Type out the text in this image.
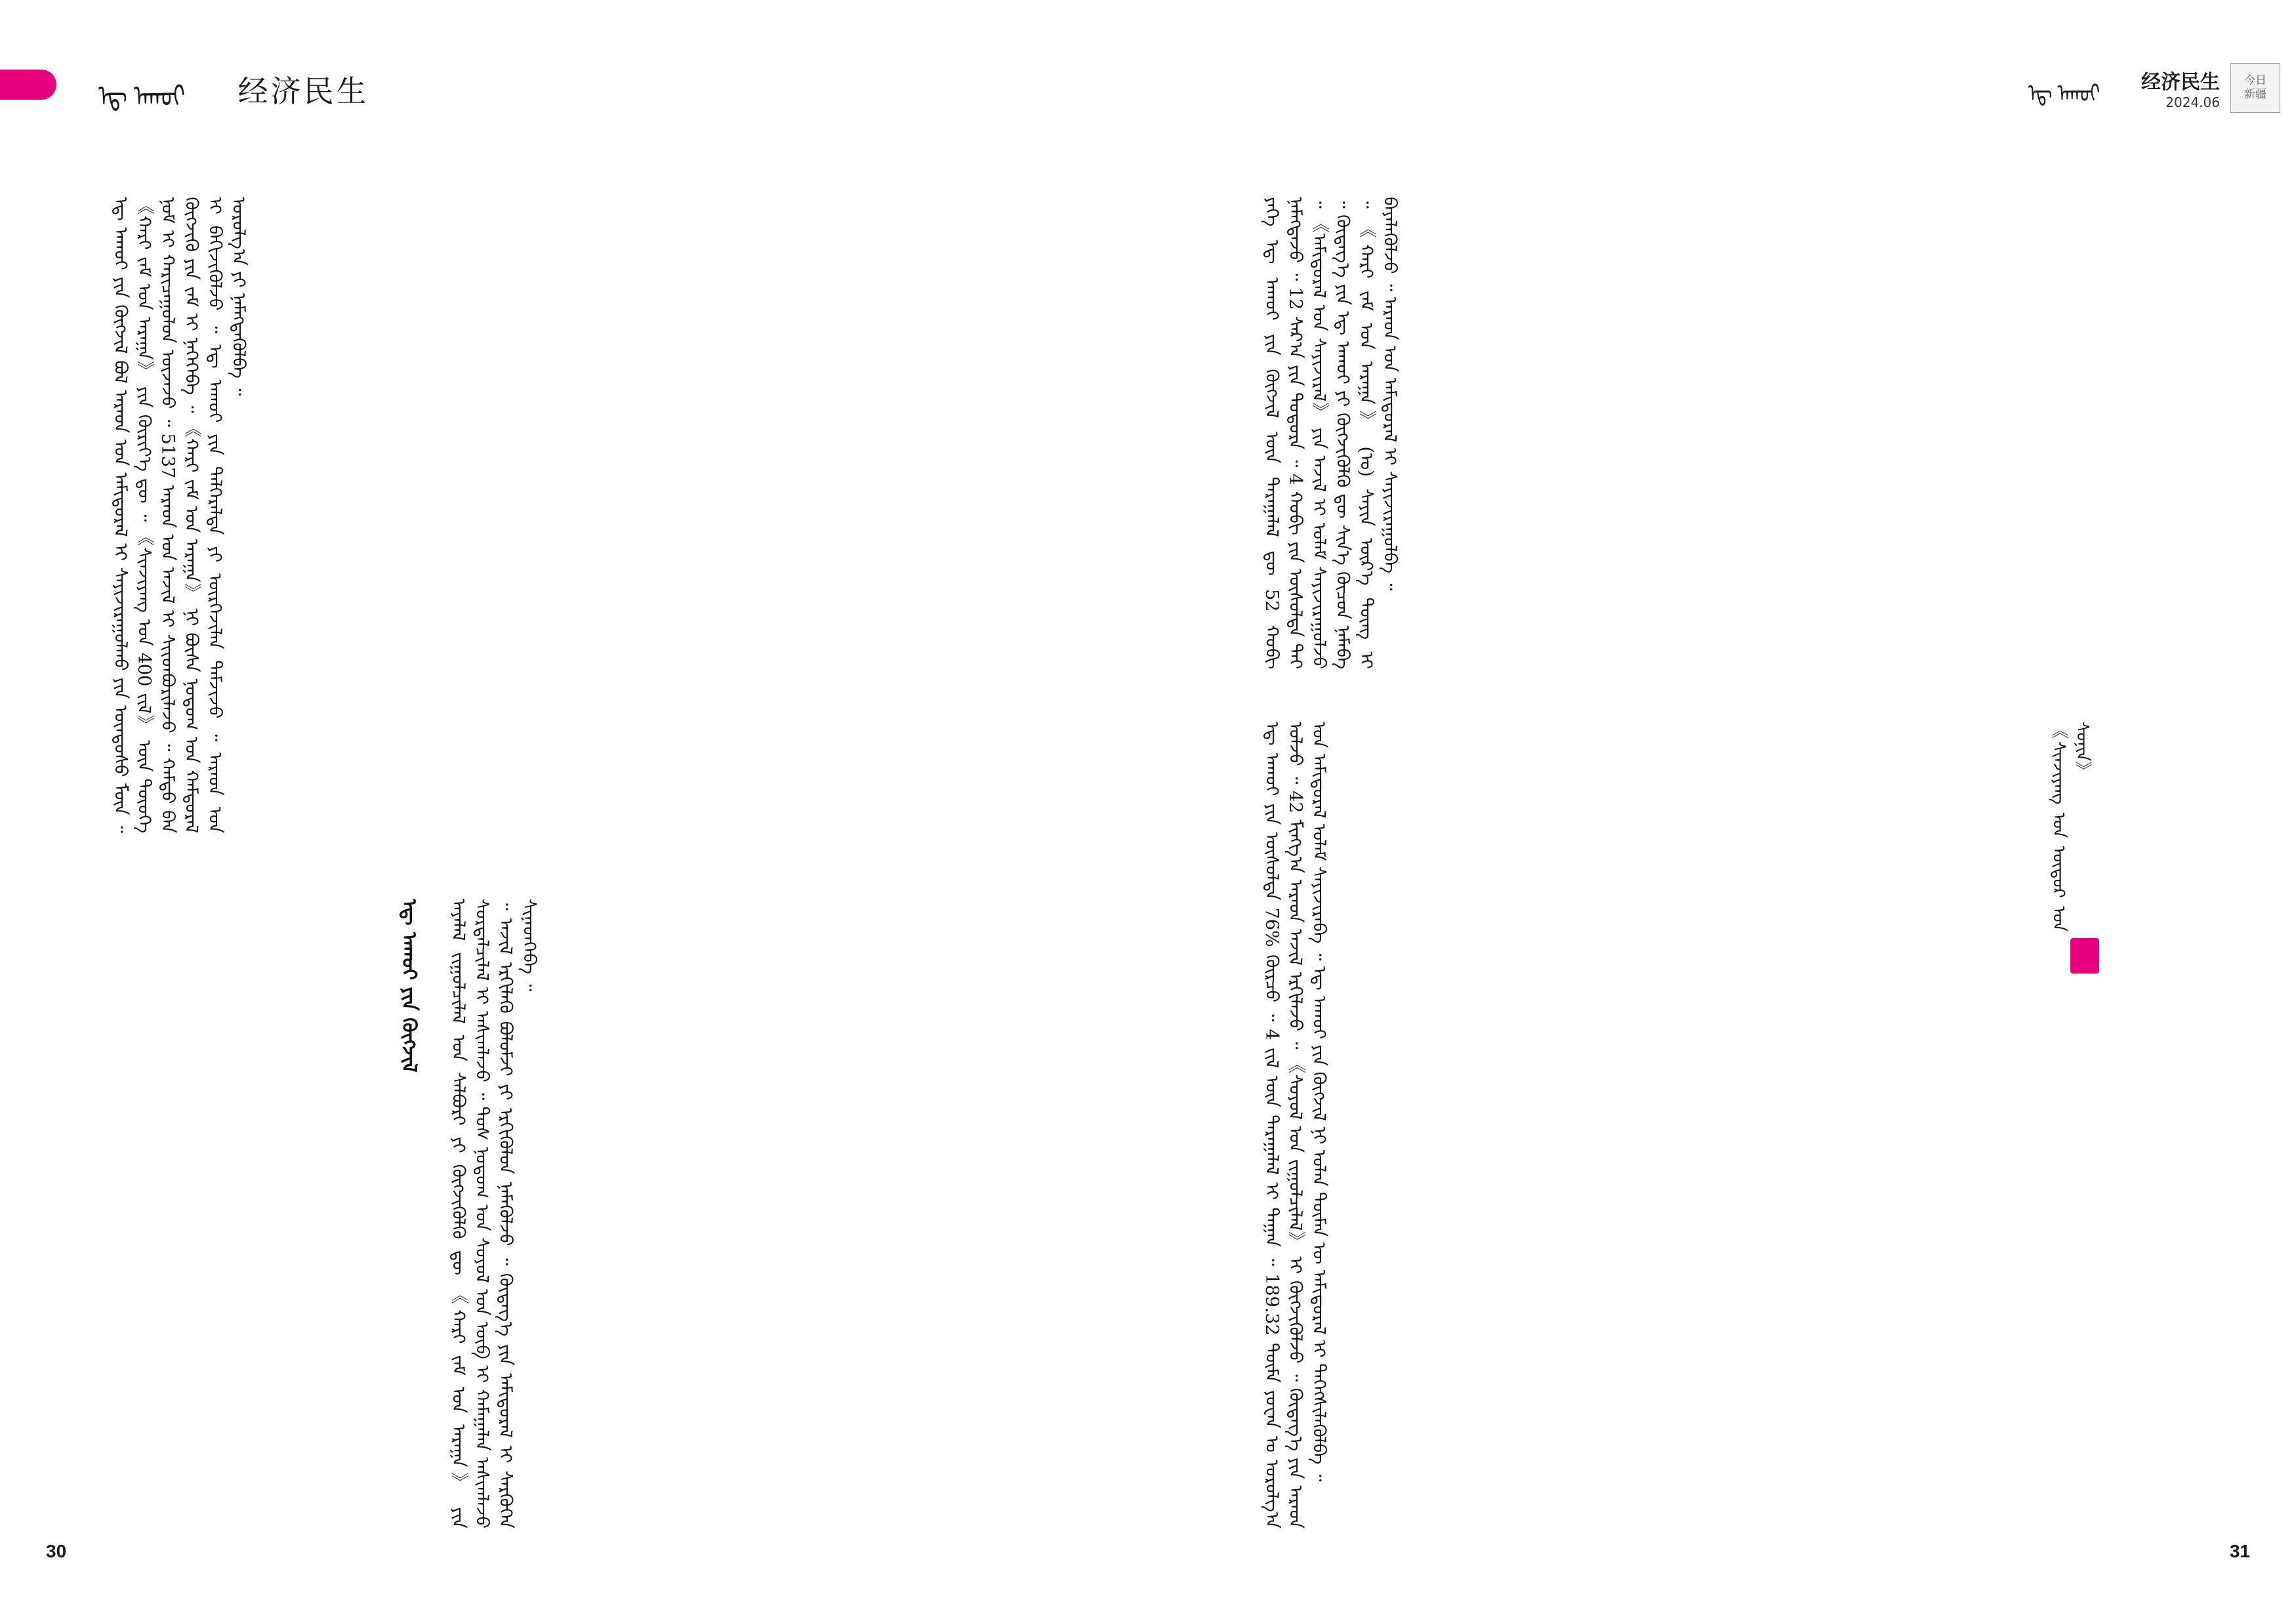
ᠡᠳ᠋ ᠠᠬᠤᠢ 经济民生	ᠡᠳ᠋ ᠠᠬᠤᠢ 经济民生
2024.06
今日
新疆

ᠡᠳ᠋ ᠠᠬᠤᠢ ᠶᠢᠨ ᠬᠥᠭᠵᠢᠯ ᠪᠤᠯ ᠠᠷᠠᠳ ᠤᠨ ᠠᠮᠢᠳᠤᠷᠠᠯ ᠢ ᠰᠠᠶᠢᠵᠢᠷᠠᠭᠤᠯᠬᠤ ᠶᠢᠨ ᠦᠨᠳᠦᠰᠦ ᠮᠦᠨ ᠃ 《ᠬᠠᠷᠢ ᠵᠠᠮ ᠤᠨ ᠠᠷᠠᠭᠠ》 ᠶᠢᠨ ᠬᠦᠷᠢᠶ᠎ᠡ ᠳᠦ ᠃ 《ᠰᠢᠨᠵᠢᠶᠠᠩ ᠤᠨ 400 ᠵᠢᠯ》 ᠦᠨ ᠲᠦᠦᠬᠡ ᠨᠤᠮ ᠢ ᠬᠠᠷᠢᠴᠠᠭᠤᠯᠤᠨ ᠦᠵᠡᠵᠦ ᠃ 5137 ᠠᠷᠠᠳ ᠤᠨ ᠠᠵᠢᠯ ᠢ ᠰᠢᠢᠳᠪᠦᠷᠢᠯᠡᠵᠦ ᠃ ᠬᠠᠮᠲᠤ ᠪᠠᠨ ᠬᠥᠭᠵᠢᠬᠦ ᠶᠢᠨ ᠵᠠᠮ ᠢ ᠨᠡᠭᠡᠭᠡᠪᠡ ᠃ 《ᠬᠠᠷᠢ ᠵᠠᠮ ᠤᠨ ᠠᠷᠠᠭᠠ》 ᠨᠢ ᠪᠦᠰᠡ ᠨᠤᠲᠤᠭ ᠤᠨ ᠬᠠᠮᠲᠤᠷᠠᠯ ᠢ ᠪᠡᠬᠢᠵᠢᠭᠦᠯᠵᠦ ᠃ ᠡᠳ᠋ ᠠᠬᠤᠢ ᠶᠢᠨ ᠲᠡᠯᠭᠡᠷᠡᠯᠲᠡ ᠶᠢ ᠦᠷᠭᠡᠵᠢᠯᠡᠨ ᠳᠡᠮᠵᠢᠵᠦ ᠃ ᠠᠷᠠᠳ ᠤᠨ ᠣᠷᠣᠯᠭ᠎ᠠ ᠶᠢ ᠨᠡᠮᠡᠭᠳᠡᠭᠦᠯᠪᠡ ᠃

ᠡᠳ᠋ ᠠᠬᠤᠢ ᠶᠢᠨ ᠬᠥᠭᠵᠢᠯ ᠠᠶᠠᠯᠠᠯ ᠵᠢᠭᠤᠯᠴᠢᠯᠠᠯ ᠤᠨ ᠰᠠᠯᠪᠤᠷᠢ ᠶᠢ ᠬᠥᠭᠵᠢᠭᠦᠯᠬᠦ ᠳᠦ 《ᠬᠠᠷᠢ ᠵᠠᠮ ᠤᠨ ᠠᠷᠠᠭᠠ》 ᠶᠢᠨ ᠰᠤᠷᠲᠠᠯᠴᠢᠯᠠᠯ ᠢ ᠠᠰᠢᠭᠯᠠᠵᠤ ᠃ ᠲᠣᠰ ᠨᠤᠲᠤᠭ ᠤᠨ ᠰᠣᠶᠣᠯ ᠤᠨ ᠥᠪ ᠢ ᠬᠠᠮᠠᠭᠠᠯᠠᠨ ᠠᠰᠢᠭᠯᠠᠵᠤ ᠃ ᠠᠵᠢᠯ ᠡᠷᠬᠢᠯᠡᠬᠦ ᠪᠣᠯᠤᠮᠵᠢ ᠶᠢ ᠡᠷᠭᠢᠭᠦᠯᠦᠨ ᠨᠡᠮᠡᠭᠦᠯᠵᠦ ᠃ ᠬᠥᠳᠡᠭ᠎ᠡ ᠶᠢᠨ ᠠᠮᠢᠳᠤᠷᠠᠯ ᠢ ᠰᠡᠷᠭᠦᠭᠡᠨ ᠰᠢᠨᠡᠳᠬᠡᠪᠡ ᠃

ᠶᠡᠬᠡ ᠡᠳ᠋ ᠠᠬᠤᠢ ᠶᠢᠨ ᠬᠥᠭᠵᠢᠯ ᠦᠨ ᠳᠠᠷᠠᠭᠠᠯᠠᠯ ᠳᠦ 52 ᠬᠤᠪᠢ ᠨᠡᠮᠡᠭᠳᠡᠵᠦ ᠃ 12 ᠰᠠᠷ᠎ᠠ ᠶᠢᠨ ᠳᠣᠲᠣᠷᠠ ᠃ 4 ᠬᠤᠪᠢ ᠶᠢᠨ ᠥᠰᠦᠯᠲᠡ ᠲᠠᠢ ᠃ 《ᠠᠮᠢᠳᠤᠷᠠᠯ ᠤᠨ ᠰᠠᠶᠢᠵᠢᠷᠠᠯ》 ᠶᠢᠨ ᠠᠵᠢᠯ ᠢ ᠤᠯᠠᠮ ᠰᠠᠶᠢᠵᠢᠷᠠᠭᠤᠯᠵᠤ ᠃ ᠬᠥᠳᠡᠭ᠎ᠡ ᠶᠢᠨ ᠡᠳ᠋ ᠠᠬᠤᠢ ᠶᠢ ᠬᠥᠭᠵᠢᠭᠦᠯᠬᠦ ᠳᠦ ᠰᠢᠨ᠎ᠡ ᠬᠦᠴᠦᠨ ᠨᠡᠮᠡᠪᠡ ᠃ 《ᠬᠠᠷᠢ ᠵᠠᠮ ᠤᠨ ᠠᠷᠠᠭᠠ》 (ᠤ) ᠰᠠᠶᠢᠨ ᠦᠷ᠎ᠡ ᠳᠦᠩ ᠢ ᠪᠡᠶᠡᠯᠡᠭᠦᠯᠵᠦ ᠃ ᠠᠷᠠᠳ ᠤᠨ ᠠᠮᠢᠳᠤᠷᠠᠯ ᠢ ᠰᠠᠶᠢᠵᠢᠷᠠᠭᠤᠯᠪᠠ ᠃

《ᠰᠢᠨᠵᠢᠶᠠᠩ ᠤᠨ ᠥᠳᠦᠷ ᠤᠨ ᠰᠣᠨᠢᠨ》

ᠡᠳ᠋ ᠠᠬᠤᠢ ᠶᠢᠨ ᠥᠰᠦᠯᠲᠡ 76% ᠬᠦᠷᠴᠦ ᠃ 4 ᠵᠢᠯ ᠦᠨ ᠳᠠᠷᠠᠭᠠᠯᠠᠯ ᠢ ᠳᠠᠭᠠᠨ ᠃ 189.32 ᠲᠦᠮᠡ ᠶᠤᠸᠠᠨ ᠤ ᠣᠷᠣᠯᠭ᠎ᠠ ᠣᠯᠵᠤ ᠃ 42 ᠮᠢᠩᠭ᠎ᠠ ᠠᠷᠠᠳ ᠠᠵᠢᠯ ᠡᠷᠬᠢᠯᠡᠵᠦ ᠃ 《ᠰᠣᠶᠣᠯ ᠤᠨ ᠵᠢᠭᠤᠯᠴᠢᠯᠠᠯ》 ᠢ ᠬᠥᠭᠵᠢᠭᠦᠯᠵᠦ ᠃ ᠬᠥᠳᠡᠭ᠎ᠡ ᠶᠢᠨ ᠠᠷᠠᠳ ᠤᠨ ᠠᠮᠢᠳᠤᠷᠠᠯ ᠤᠯᠠᠮ ᠰᠠᠶᠢᠵᠢᠷᠠᠪᠠ ᠃ ᠡᠳ᠋ ᠠᠬᠤᠢ ᠶᠢᠨ ᠬᠥᠭᠵᠢᠯ ᠨᠢ ᠣᠯᠠᠨ ᠲᠦᠮᠡᠨ ᠦ ᠠᠮᠢᠳᠤᠷᠠᠯ ᠢ ᠳᠡᠭᠡᠭᠰᠢᠯᠡᠭᠦᠯᠪᠡ ᠃

30	31
